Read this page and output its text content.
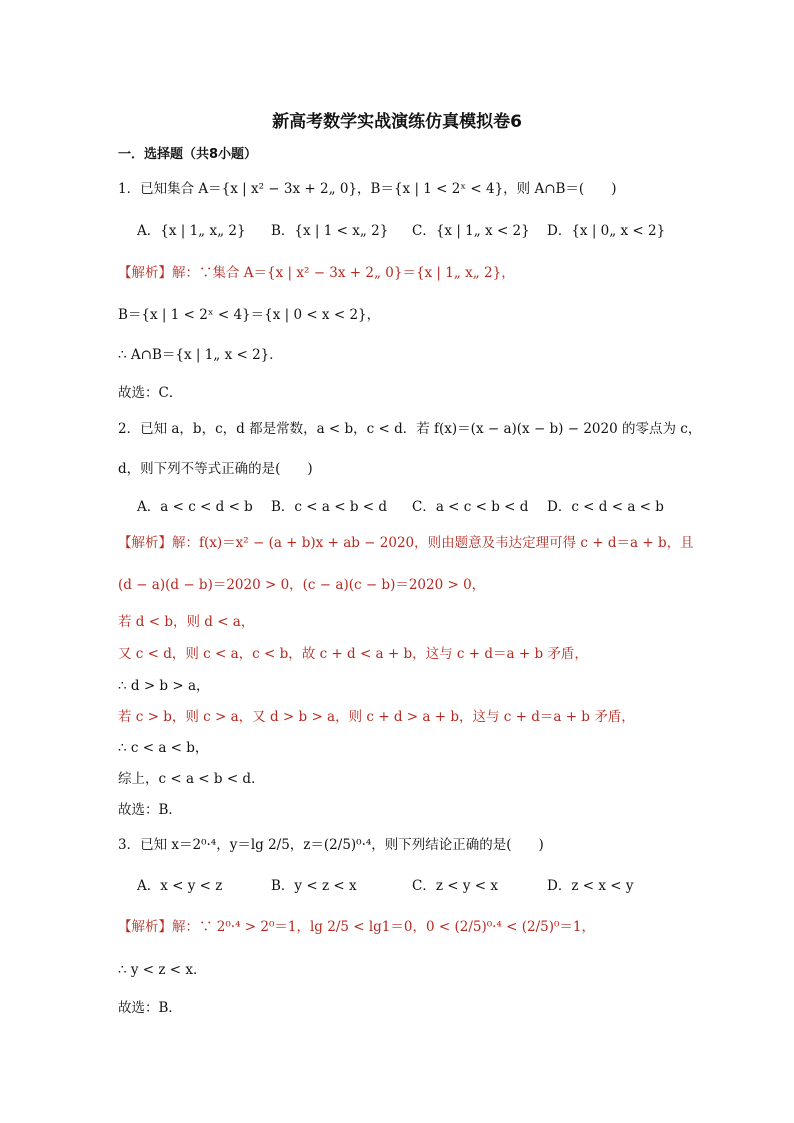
新高考数学实战演练仿真模拟卷6
一．选择题（共8小题）
1．已知集合 A＝{x | x² − 3x + 2„ 0}，B＝{x | 1 < 2ˣ < 4}，则 A∩B＝(　　)
A．{x | 1„ x„ 2} B．{x | 1 < x„ 2} C．{x | 1„ x < 2} D．{x | 0„ x < 2}
【解析】解：∵集合 A＝{x | x² − 3x + 2„ 0}＝{x | 1„ x„ 2}，
B＝{x | 1 < 2ˣ < 4}＝{x | 0 < x < 2}，
∴ A∩B＝{x | 1„ x < 2}．
故选：C．
2．已知 a，b，c，d 都是常数，a < b，c < d．若 f(x)＝(x − a)(x − b) − 2020 的零点为 c，
d，则下列不等式正确的是(　　)
A．a < c < d < b B．c < a < b < d C．a < c < b < d D．c < d < a < b
【解析】解：f(x)＝x² − (a + b)x + ab − 2020，则由题意及韦达定理可得 c + d＝a + b，且
(d − a)(d − b)＝2020 > 0，(c − a)(c − b)＝2020 > 0，
若 d < b，则 d < a，
又 c < d，则 c < a，c < b，故 c + d < a + b，这与 c + d＝a + b 矛盾，
∴ d > b > a，
若 c > b，则 c > a，又 d > b > a，则 c + d > a + b，这与 c + d＝a + b 矛盾，
∴ c < a < b，
综上，c < a < b < d．
故选：B．
3．已知 x＝2⁰·⁴，y＝lg 2/5，z＝(2/5)⁰·⁴，则下列结论正确的是(　　)
A．x < y < z	B．y < z < x	C．z < y < x	D．z < x < y
【解析】解：∵ 2⁰·⁴ > 2⁰＝1，lg 2/5 < lg1＝0，0 < (2/5)⁰·⁴ < (2/5)⁰＝1，
∴ y < z < x．
故选：B．
